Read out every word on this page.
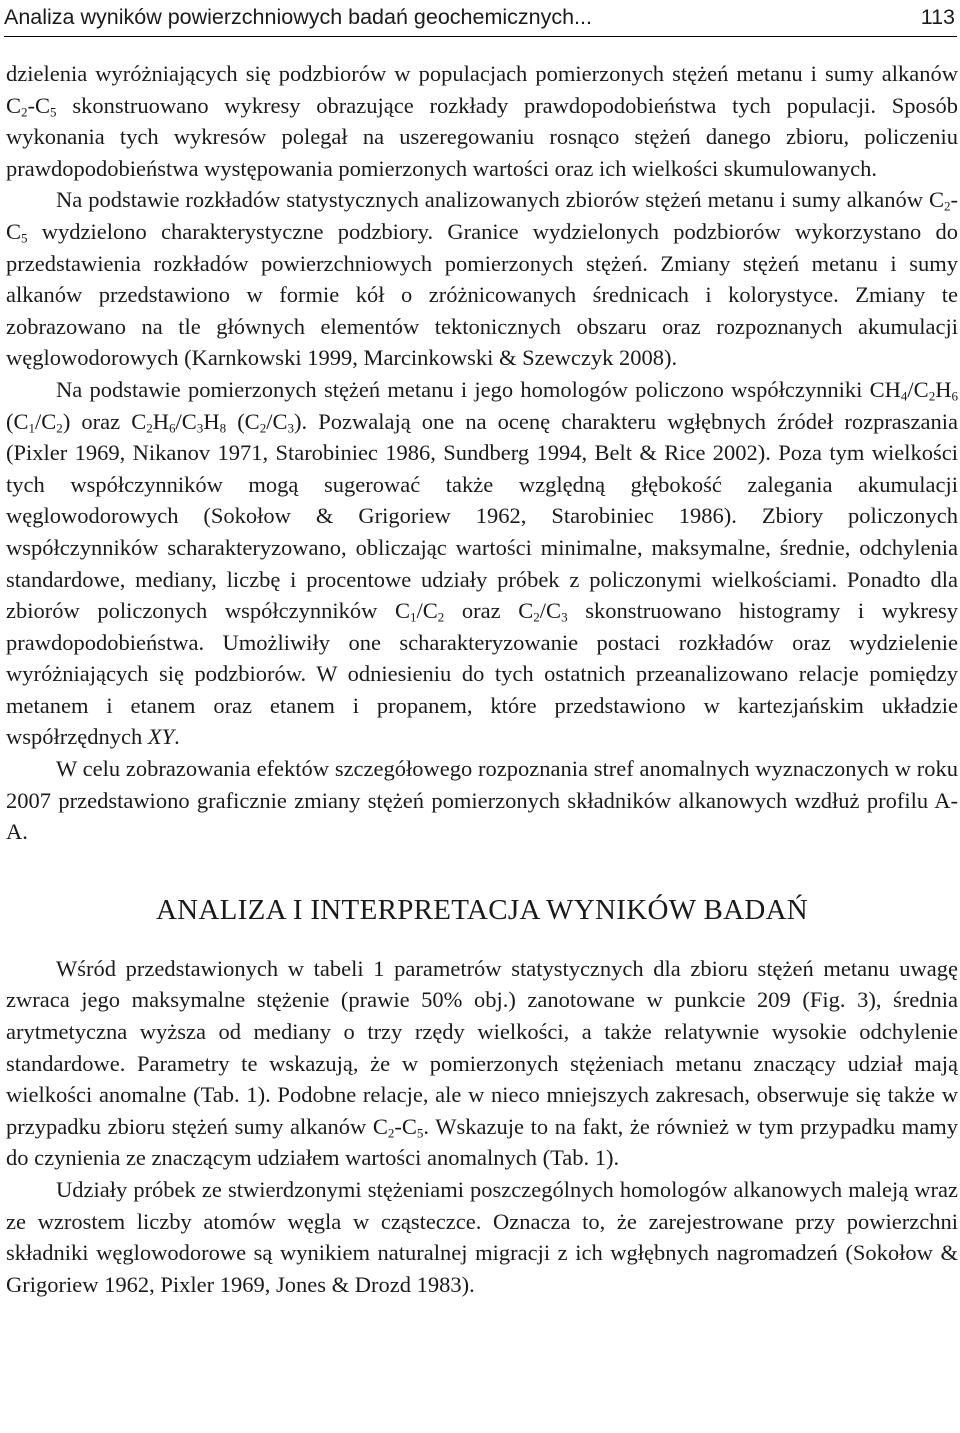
Analiza wyników powierzchniowych badań geochemicznych...	113

dzielenia wyróżniających się podzbiorów w populacjach pomierzonych stężeń metanu i sumy alkanów $C_2-C_5$ skonstruowano wykresy obrazujące rozkłady prawdopodobieństwa tych populacji. Sposób wykonania tych wykresów polegał na uszeregowaniu rosnąco stężeń danego zbioru, policzeniu prawdopodobieństwa występowania pomierzonych wartości oraz ich wielkości skumulowanych.

Na podstawie rozkładów statystycznych analizowanych zbiorów stężeń metanu i sumy alkanów $C_2-C_5$ wydzielono charakterystyczne podzbiory. Granice wydzielonych podzbiorów wykorzystano do przedstawienia rozkładów powierzchniowych pomierzonych stężeń. Zmiany stężeń metanu i sumy alkanów przedstawiono w formie kół o zróżnicowanych średnicach i kolorystyce. Zmiany te zobrazowano na tle głównych elementów tektonicznych obszaru oraz rozpoznanych akumulacji węglowodorowych (Karnkowski 1999, Marcinkowski & Szewczyk 2008).

Na podstawie pomierzonych stężeń metanu i jego homologów policzono współczynniki $CH_4/C_2H_6$ $(C_1/C_2)$ oraz $C_2H_6/C_3H_8$ $(C_2/C_3)$. Pozwalają one na ocenę charakteru wgłębnych źródeł rozpraszania (Pixler 1969, Nikanov 1971, Starobiniec 1986, Sundberg 1994, Belt & Rice 2002). Poza tym wielkości tych współczynników mogą sugerować także względną głębokość zalegania akumulacji węglowodorowych (Sokołow & Grigoriew 1962, Starobiniec 1986). Zbiory policzonych współczynników scharakteryzowano, obliczając wartości minimalne, maksymalne, średnie, odchylenia standardowe, mediany, liczbę i procentowe udziały próbek z policzonymi wielkościami. Ponadto dla zbiorów policzonych współczynników $C_1/C_2$ oraz $C_2/C_3$ skonstruowano histogramy i wykresy prawdopodobieństwa. Umożliwiły one scharakteryzowanie postaci rozkładów oraz wydzielenie wyróżniających się podzbiorów. W odniesieniu do tych ostatnich przeanalizowano relacje pomiędzy metanem i etanem oraz etanem i propanem, które przedstawiono w kartezjańskim układzie współrzędnych XY.

W celu zobrazowania efektów szczegółowego rozpoznania stref anomalnych wyznaczonych w roku 2007 przedstawiono graficznie zmiany stężeń pomierzonych składników alkanowych wzdłuż profilu A-A.

ANALIZA I INTERPRETACJA WYNIKÓW BADAŃ

Wśród przedstawionych w tabeli 1 parametrów statystycznych dla zbioru stężeń metanu uwagę zwraca jego maksymalne stężenie (prawie 50% obj.) zanotowane w punkcie 209 (Fig. 3), średnia arytmetyczna wyższa od mediany o trzy rzędy wielkości, a także relatywnie wysokie odchylenie standardowe. Parametry te wskazują, że w pomierzonych stężeniach metanu znaczący udział mają wielkości anomalne (Tab. 1). Podobne relacje, ale w nieco mniejszych zakresach, obserwuje się także w przypadku zbioru stężeń sumy alkanów $C_2-C_5$. Wskazuje to na fakt, że również w tym przypadku mamy do czynienia ze znaczącym udziałem wartości anomalnych (Tab. 1).

Udziały próbek ze stwierdzonymi stężeniami poszczególnych homologów alkanowych maleją wraz ze wzrostem liczby atomów węgla w cząsteczce. Oznacza to, że zarejestrowane przy powierzchni składniki węglowodorowe są wynikiem naturalnej migracji z ich wgłębnych nagromadzeń (Sokołow & Grigoriew 1962, Pixler 1969, Jones & Drozd 1983).
